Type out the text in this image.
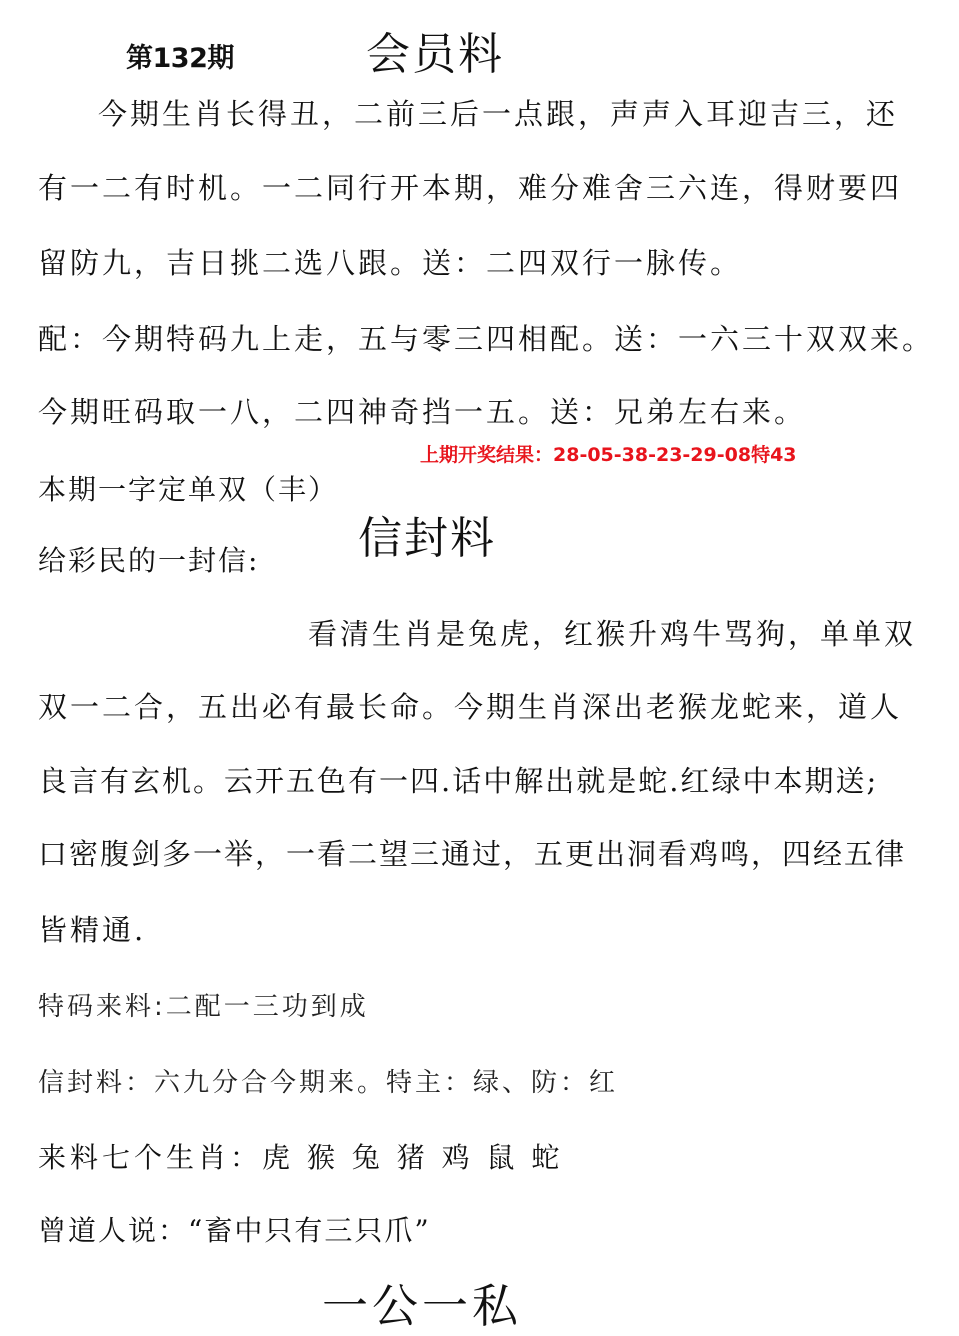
第132期	会员料
今期生肖长得丑，二前三后一点跟，声声入耳迎吉三，还
有一二有时机。一二同行开本期，难分难舍三六连，得财要四
留防九，吉日挑二选八跟。送：二四双行一脉传。
配：今期特码九上走，五与零三四相配。送：一六三十双双来。
今期旺码取一八，二四神奇挡一五。送：兄弟左右来。
上期开奖结果：28-05-38-23-29-08特43
本期一字定单双（丰）
信封料
给彩民的一封信:
看清生肖是兔虎，红猴升鸡牛骂狗，单单双
双一二合，五出必有最长命。今期生肖深出老猴龙蛇来，道人
良言有玄机。云开五色有一四.话中解出就是蛇.红绿中本期送;
口密腹剑多一举，一看二望三通过，五更出洞看鸡鸣，四经五律
皆精通.
特码来料:二配一三功到成
信封料：六九分合今期来。特主：绿、防：红
来料七个生肖：虎 猴 兔 猪 鸡 鼠 蛇
曾道人说：“畜中只有三只爪”
一公一私
